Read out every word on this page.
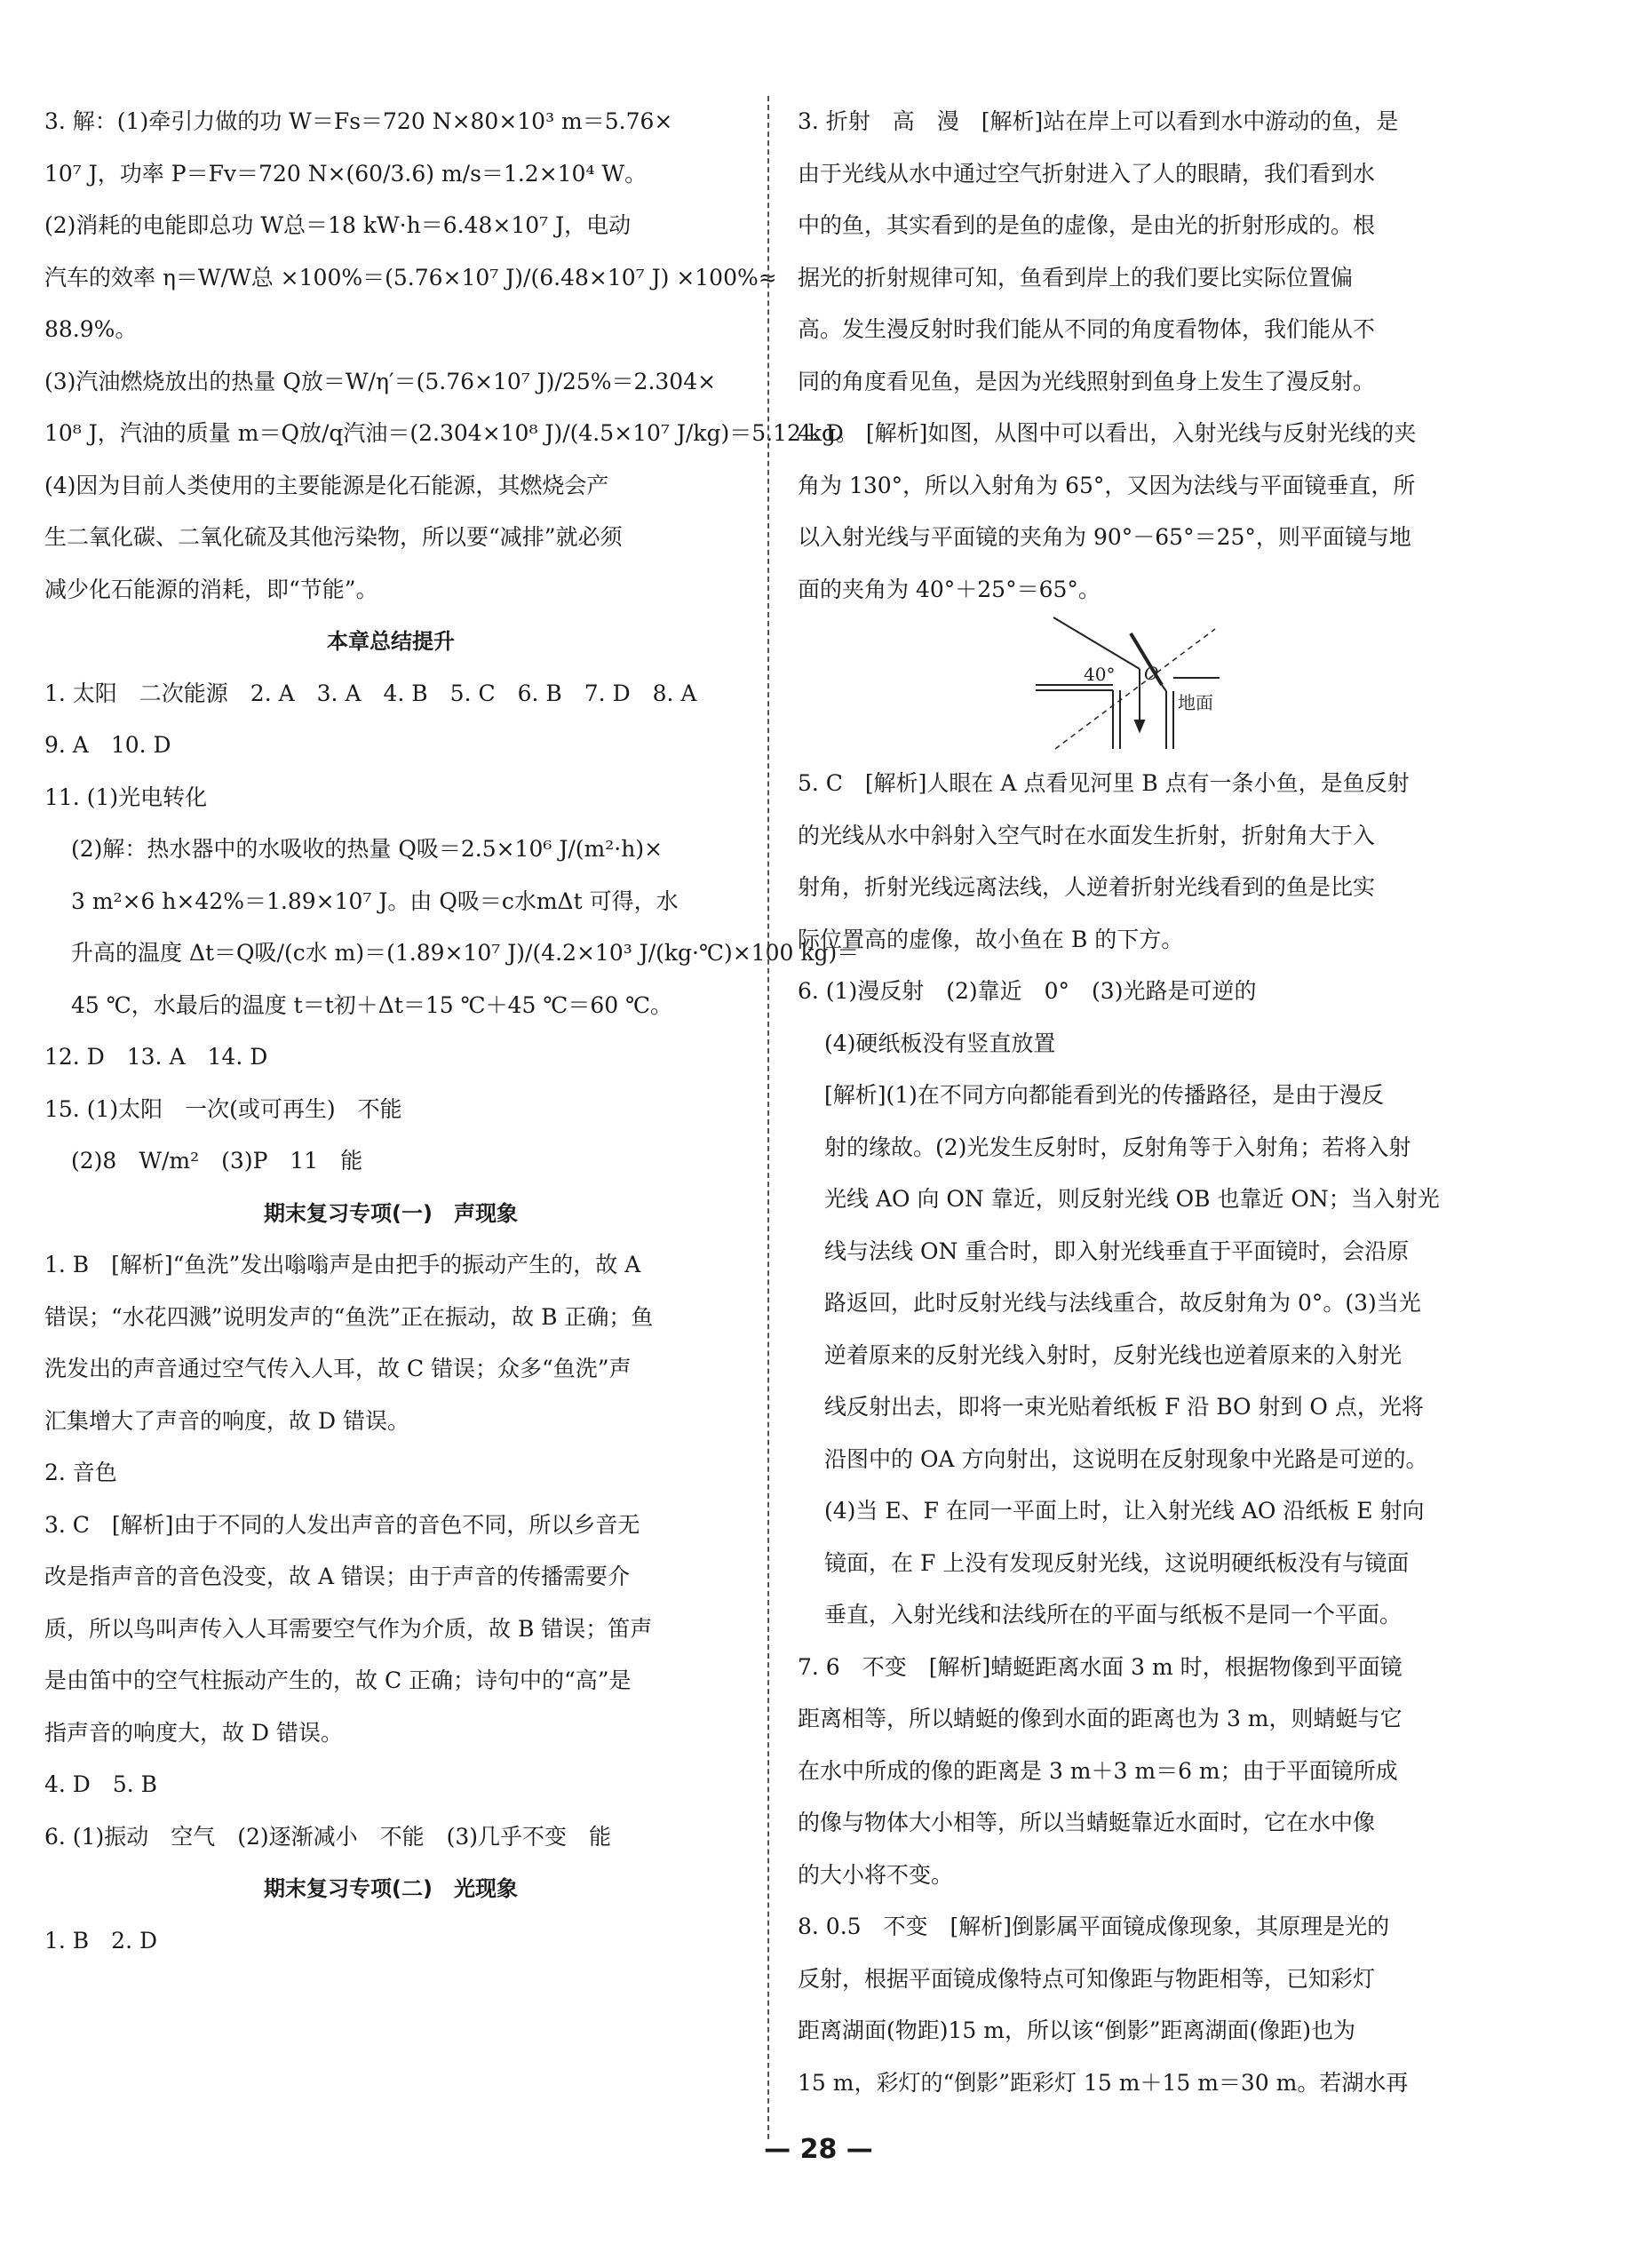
3. 解：(1)牵引力做的功 W＝Fs＝720 N×80×10³ m＝5.76×
10⁷ J，功率 P＝Fv＝720 N×(60/3.6) m/s＝1.2×10⁴ W。
(2)消耗的电能即总功 W总＝18 kW·h＝6.48×10⁷ J，电动
汽车的效率 η＝W/W总 ×100%＝(5.76×10⁷ J)/(6.48×10⁷ J) ×100%≈
88.9%。
(3)汽油燃烧放出的热量 Q放＝W/η′＝(5.76×10⁷ J)/25%＝2.304×
10⁸ J，汽油的质量 m＝Q放/q汽油＝(2.304×10⁸ J)/(4.5×10⁷ J/kg)＝5.12 kg。
(4)因为目前人类使用的主要能源是化石能源，其燃烧会产
生二氧化碳、二氧化硫及其他污染物，所以要“减排”就必须
减少化石能源的消耗，即“节能”。
本章总结提升
1. 太阳　二次能源　2. A　3. A　4. B　5. C　6. B　7. D　8. A
9. A　10. D
11. (1)光电转化
(2)解：热水器中的水吸收的热量 Q吸＝2.5×10⁶ J/(m²·h)×
3 m²×6 h×42%＝1.89×10⁷ J。由 Q吸＝c水mΔt 可得，水
升高的温度 Δt＝Q吸/(c水 m)＝(1.89×10⁷ J)/(4.2×10³ J/(kg·℃)×100 kg)＝
45 ℃，水最后的温度 t＝t初＋Δt＝15 ℃＋45 ℃＝60 ℃。
12. D　13. A　14. D
15. (1)太阳　一次(或可再生)　不能
(2)8　W/m²　(3)P　11　能
期末复习专项(一)　声现象
1. B　[解析]“鱼洗”发出嗡嗡声是由把手的振动产生的，故 A
错误；“水花四溅”说明发声的“鱼洗”正在振动，故 B 正确；鱼
洗发出的声音通过空气传入人耳，故 C 错误；众多“鱼洗”声
汇集增大了声音的响度，故 D 错误。
2. 音色
3. C　[解析]由于不同的人发出声音的音色不同，所以乡音无
改是指声音的音色没变，故 A 错误；由于声音的传播需要介
质，所以鸟叫声传入人耳需要空气作为介质，故 B 错误；笛声
是由笛中的空气柱振动产生的，故 C 正确；诗句中的“高”是
指声音的响度大，故 D 错误。
4. D　5. B
6. (1)振动　空气　(2)逐渐减小　不能　(3)几乎不变　能
期末复习专项(二)　光现象
1. B　2. D
3. 折射　高　漫　[解析]站在岸上可以看到水中游动的鱼，是
由于光线从水中通过空气折射进入了人的眼睛，我们看到水
中的鱼，其实看到的是鱼的虚像，是由光的折射形成的。根
据光的折射规律可知，鱼看到岸上的我们要比实际位置偏
高。发生漫反射时我们能从不同的角度看物体，我们能从不
同的角度看见鱼，是因为光线照射到鱼身上发生了漫反射。
4. D　[解析]如图，从图中可以看出，入射光线与反射光线的夹
角为 130°，所以入射角为 65°，又因为法线与平面镜垂直，所
以入射光线与平面镜的夹角为 90°－65°＝25°，则平面镜与地
面的夹角为 40°＋25°＝65°。
40° O
地面
5. C　[解析]人眼在 A 点看见河里 B 点有一条小鱼，是鱼反射
的光线从水中斜射入空气时在水面发生折射，折射角大于入
射角，折射光线远离法线，人逆着折射光线看到的鱼是比实
际位置高的虚像，故小鱼在 B 的下方。
6. (1)漫反射　(2)靠近　0°　(3)光路是可逆的
(4)硬纸板没有竖直放置
[解析](1)在不同方向都能看到光的传播路径，是由于漫反
射的缘故。(2)光发生反射时，反射角等于入射角；若将入射
光线 AO 向 ON 靠近，则反射光线 OB 也靠近 ON；当入射光
线与法线 ON 重合时，即入射光线垂直于平面镜时，会沿原
路返回，此时反射光线与法线重合，故反射角为 0°。(3)当光
逆着原来的反射光线入射时，反射光线也逆着原来的入射光
线反射出去，即将一束光贴着纸板 F 沿 BO 射到 O 点，光将
沿图中的 OA 方向射出，这说明在反射现象中光路是可逆的。
(4)当 E、F 在同一平面上时，让入射光线 AO 沿纸板 E 射向
镜面，在 F 上没有发现反射光线，这说明硬纸板没有与镜面
垂直，入射光线和法线所在的平面与纸板不是同一个平面。
7. 6　不变　[解析]蜻蜓距离水面 3 m 时，根据物像到平面镜
距离相等，所以蜻蜓的像到水面的距离也为 3 m，则蜻蜓与它
在水中所成的像的距离是 3 m＋3 m＝6 m；由于平面镜所成
的像与物体大小相等，所以当蜻蜓靠近水面时，它在水中像
的大小将不变。
8. 0.5　不变　[解析]倒影属平面镜成像现象，其原理是光的
反射，根据平面镜成像特点可知像距与物距相等，已知彩灯
距离湖面(物距)15 m，所以该“倒影”距离湖面(像距)也为
15 m，彩灯的“倒影”距彩灯 15 m＋15 m＝30 m。若湖水再
— 28 —
